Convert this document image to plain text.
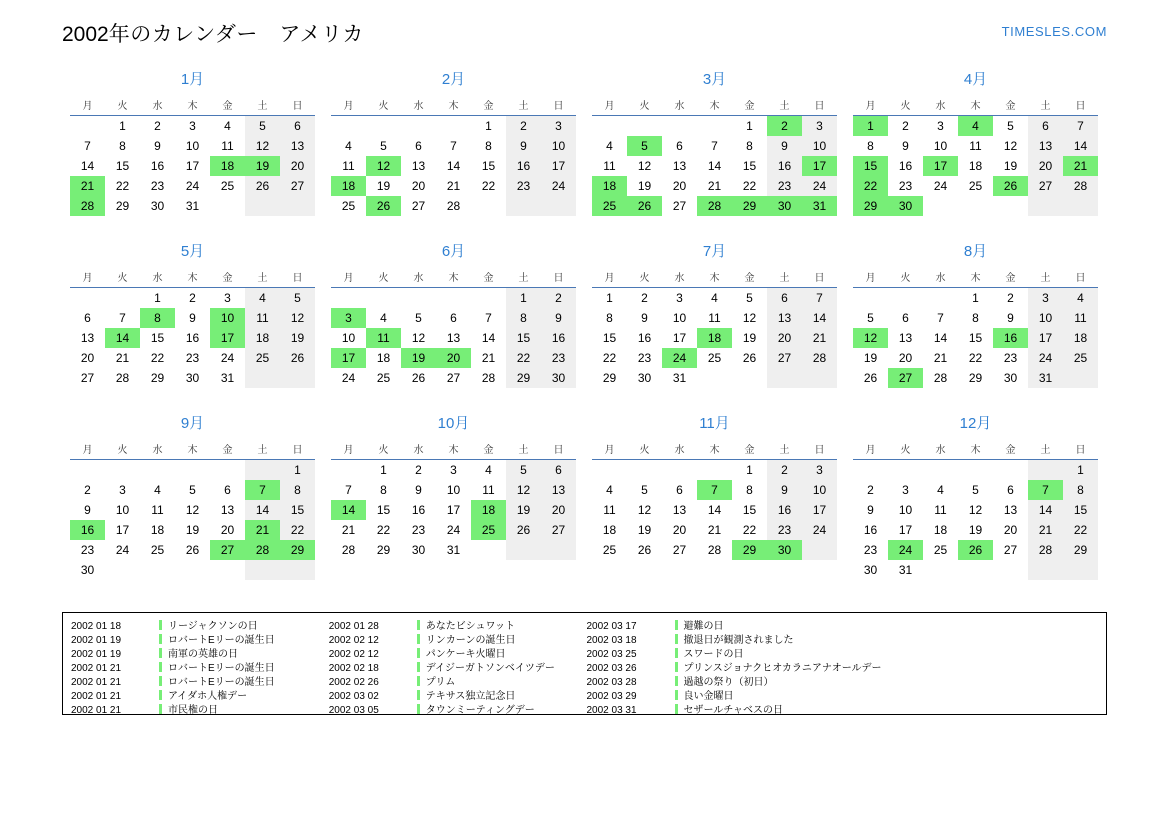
2002年のカレンダー　アメリカ	TIMESLES.COM
1月
月	火	水	木	金	土	日

	1	2	3	4	5	6

7	8	9	10	11	12	13

14	15	16	17	18	19	20

21	22	23	24	25	26	27

28	29	30	31			

2月
月	火	水	木	金	土	日

				1	2	3

4	5	6	7	8	9	10

11	12	13	14	15	16	17

18	19	20	21	22	23	24

25	26	27	28			

3月
月	火	水	木	金	土	日

				1	2	3

4	5	6	7	8	9	10

11	12	13	14	15	16	17

18	19	20	21	22	23	24

25	26	27	28	29	30	31
4月
月	火	水	木	金	土	日

1	2	3	4	5	6	7

8	9	10	11	12	13	14

15	16	17	18	19	20	21

22	23	24	25	26	27	28

29	30					

5月
月	火	水	木	金	土	日

		1	2	3	4	5

6	7	8	9	10	11	12

13	14	15	16	17	18	19

20	21	22	23	24	25	26

27	28	29	30	31		

6月
月	火	水	木	金	土	日

					1	2

3	4	5	6	7	8	9

10	11	12	13	14	15	16

17	18	19	20	21	22	23

24	25	26	27	28	29	30
7月
月	火	水	木	金	土	日

1	2	3	4	5	6	7

8	9	10	11	12	13	14

15	16	17	18	19	20	21

22	23	24	25	26	27	28

29	30	31				

8月
月	火	水	木	金	土	日

			1	2	3	4

5	6	7	8	9	10	11

12	13	14	15	16	17	18

19	20	21	22	23	24	25

26	27	28	29	30	31	

9月
月	火	水	木	金	土	日

						1

2	3	4	5	6	7	8

9	10	11	12	13	14	15

16	17	18	19	20	21	22

23	24	25	26	27	28	29

30						

10月
月	火	水	木	金	土	日

	1	2	3	4	5	6

7	8	9	10	11	12	13

14	15	16	17	18	19	20

21	22	23	24	25	26	27

28	29	30	31			

11月
月	火	水	木	金	土	日

				1	2	3

4	5	6	7	8	9	10

11	12	13	14	15	16	17

18	19	20	21	22	23	24

25	26	27	28	29	30	

12月
月	火	水	木	金	土	日

						1

2	3	4	5	6	7	8

9	10	11	12	13	14	15

16	17	18	19	20	21	22

23	24	25	26	27	28	29

30	31					

2002 01 18	リージャクソンの日
2002 01 19	ロバートEリーの誕生日
2002 01 19	南軍の英雄の日
2002 01 21	ロバートEリーの誕生日
2002 01 21	ロバートEリーの誕生日
2002 01 21	アイダホ人権デー
2002 01 21	市民権の日
2002 01 28	あなたビシュワット
2002 02 12	リンカーンの誕生日
2002 02 12	パンケーキ火曜日
2002 02 18	デイジーガトソンベイツデー
2002 02 26	プリム
2002 03 02	テキサス独立記念日
2002 03 05	タウンミーティングデー
2002 03 17	避難の日
2002 03 18	撤退日が観測されました
2002 03 25	スワードの日
2002 03 26	プリンスジョナクヒオカラニアナオールデー
2002 03 28	過越の祭り（初日）
2002 03 29	良い金曜日
2002 03 31	セザールチャベスの日
